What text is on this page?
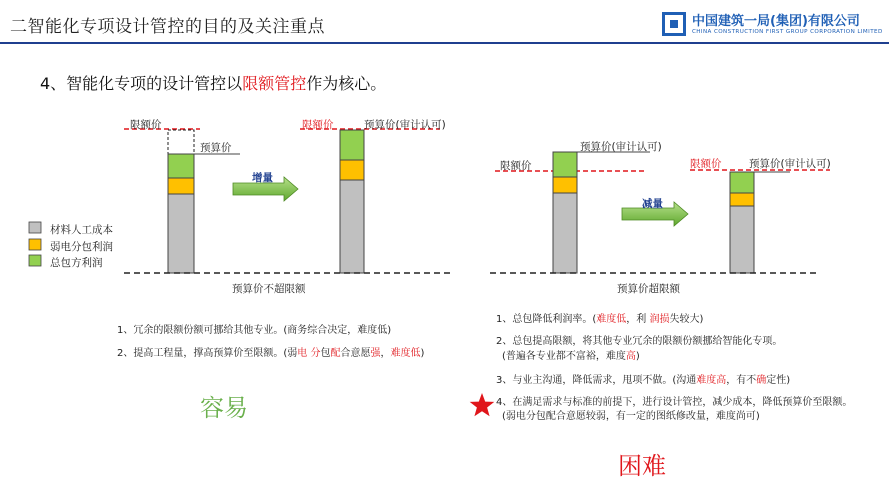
二智能化专项设计管控的目的及关注重点	中国建筑一局(集团)有限公司
CHINA CONSTRUCTION FIRST GROUP CORPORATION LIMITED
4、智能化专项的设计管控以限额管控作为核心。
限额价
预算价
限额价	预算价(审计认可)
增量
预算价不超限额
材料人工成本
弱电分包利润
总包方利润
预算价(审计认可)
限额价	限额价	预算价(审计认可)
减量
预算价超限额
1、冗余的限额份额可挪给其他专业。(商务综合决定，难度低)
2、提高工程量，撑高预算价至限额。(弱电 分包配合意愿强，难度低)
容易
1、总包降低利润率。(难度低，利 润损失较大)
2、总包提高限额，将其他专业冗余的限额份额挪给智能化专项。
(普遍各专业都不富裕，难度高)
3、与业主沟通，降低需求，甩项不做。(沟通难度高，有不确定性)
4、在满足需求与标准的前提下，进行设计管控，减少成本，降低预算价至限额。
(弱电分包配合意愿较弱，有一定的图纸修改量，难度尚可)
困难
